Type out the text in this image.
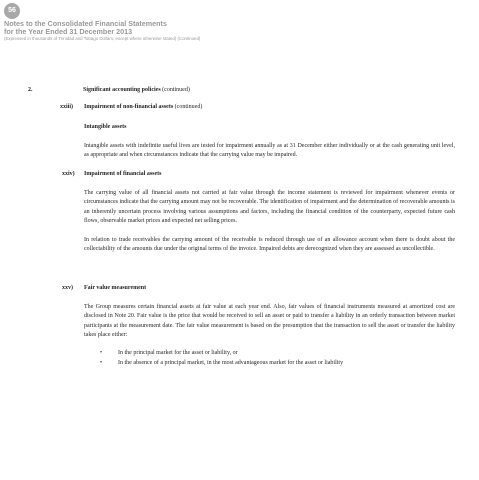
56
Notes to the Consolidated Financial Statements
for the Year Ended 31 December 2013
(Expressed in thousands of Trinidad and Tobago Dollars, except where otherwise stated) (Continued)
2.	Significant accounting policies (continued)
xxiii) Impairment of non-financial assets (continued)
Intangible assets
Intangible assets with indefinite useful lives are tested for impairment annually as at 31 December either individually or at the cash generating unit level, as appropriate and when circumstances indicate that the carrying value may be impaired.
xxiv) Impairment of financial assets
The carrying value of all financial assets not carried at fair value through the income statement is reviewed for impairment whenever events or circumstances indicate that the carrying amount may not be recoverable. The identification of impairment and the determination of recoverable amounts is an inherently uncertain process involving various assumptions and factors, including the financial condition of the counterparty, expected future cash flows, observable market prices and expected net selling prices.
In relation to trade receivables the carrying amount of the receivable is reduced through use of an allowance account when there is doubt about the collectability of the amounts due under the original terms of the invoice. Impaired debts are derecognized when they are assessed as uncollectible.
xxv) Fair value measurement
The Group measures certain financial assets at fair value at each year end. Also, fair values of financial instruments measured at amortized cost are disclosed in Note 20. Fair value is the price that would be received to sell an asset or paid to transfer a liability in an orderly transaction between market participants at the measurement date. The fair value measurement is based on the presumption that the transaction to sell the asset or transfer the liability takes place either:
•	In the principal market for the asset or liability, or
•	In the absence of a principal market, in the most advantageous market for the asset or liability
